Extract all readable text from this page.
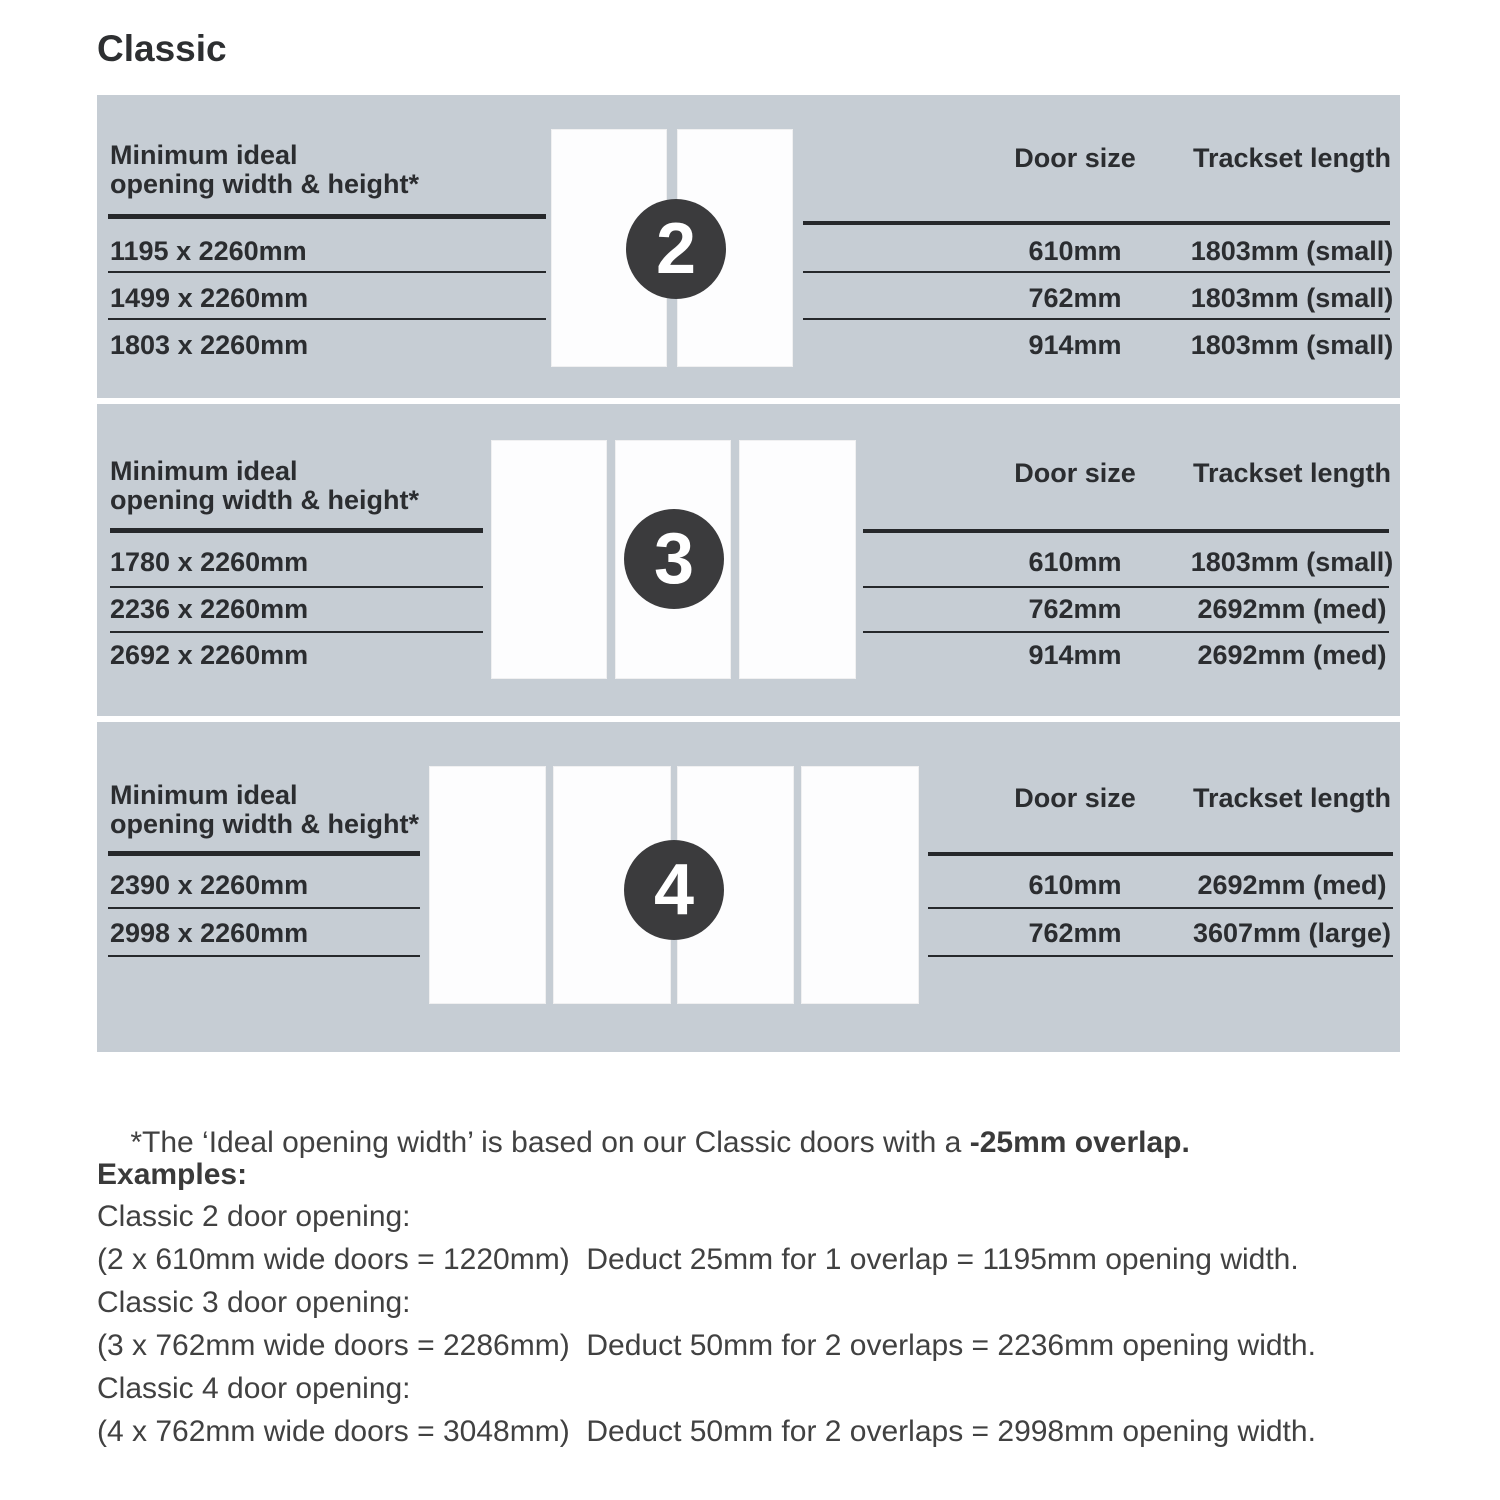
Classic
Minimum ideal
opening width & height*
Door size	Trackset length
1195 x 2260mm	610mm	1803mm (small)
1499 x 2260mm	762mm	1803mm (small)
1803 x 2260mm	914mm	1803mm (small)
2
Minimum ideal
opening width & height*
Door size	Trackset length
1780 x 2260mm	610mm	1803mm (small)
2236 x 2260mm	762mm	2692mm (med)
2692 x 2260mm	914mm	2692mm (med)
3
Minimum ideal
opening width & height*
Door size	Trackset length
2390 x 2260mm	610mm	2692mm (med)
2998 x 2260mm	762mm	3607mm (large)
4

*The ‘Ideal opening width’ is based on our Classic doors with a -25mm overlap.

Examples:
Classic 2 door opening:
(2 x 610mm wide doors = 1220mm)  Deduct 25mm for 1 overlap = 1195mm opening width.
Classic 3 door opening:
(3 x 762mm wide doors = 2286mm)  Deduct 50mm for 2 overlaps = 2236mm opening width.
Classic 4 door opening:
(4 x 762mm wide doors = 3048mm)  Deduct 50mm for 2 overlaps = 2998mm opening width.
